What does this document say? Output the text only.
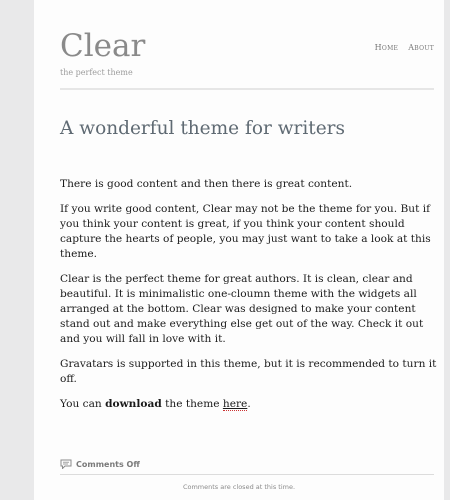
Clear
the perfect theme
Home About
A wonderful theme for writers

There is good content and then there is great content.

If you write good content, Clear may not be the theme for you. But if you think your content is great, if you think your content should capture the hearts of people, you may just want to take a look at this theme.

Clear is the perfect theme for great authors. It is clean, clear and beautiful. It is minimalistic one-cloumn theme with the widgets all arranged at the bottom. Clear was designed to make your content stand out and make everything else get out of the way. Check it out and you will fall in love with it.

Gravatars is supported in this theme, but it is recommended to turn it off.

You can download the theme here.

Comments Off
Comments are closed at this time.
